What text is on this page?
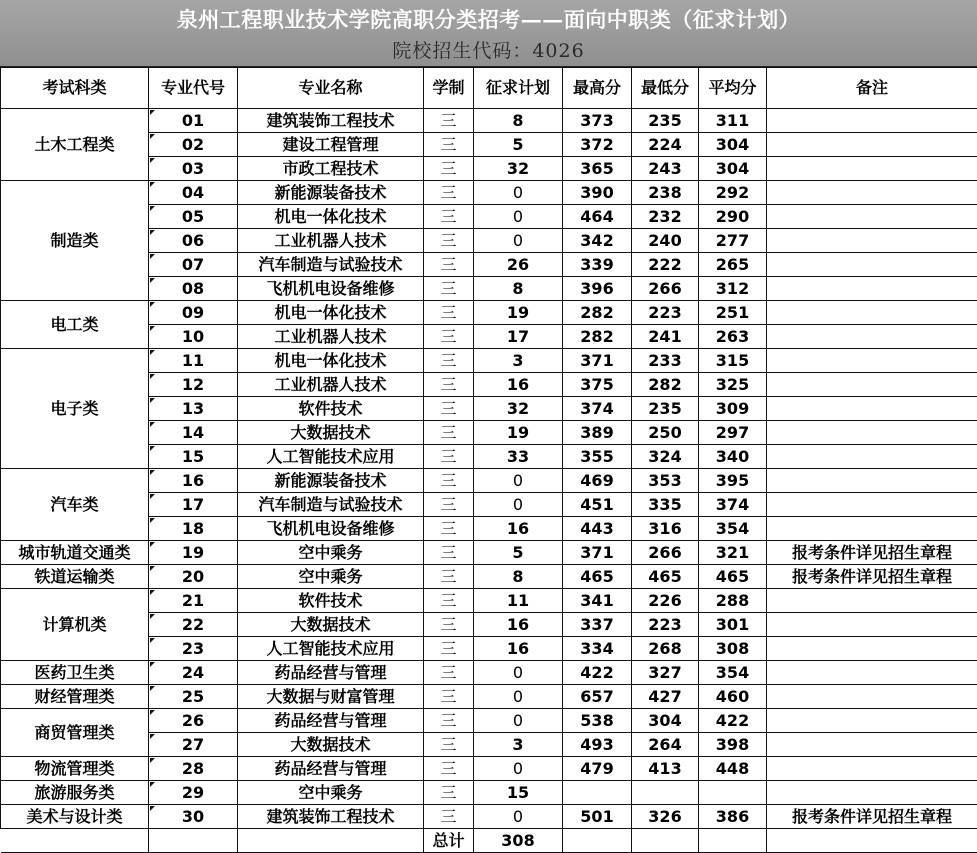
泉州工程职业技术学院高职分类招考——面向中职类（征求计划）
院校招生代码：4026
考试科类	专业代号	专业名称	学制	征求计划	最高分	最低分	平均分	备注
土木工程类	01	建筑装饰工程技术	三	8	373	235	311	

02	建设工程管理	三	5	372	224	304	

03	市政工程技术	三	32	365	243	304	
制造类	04	新能源装备技术	三	0	390	238	292	

05	机电一体化技术	三	0	464	232	290	

06	工业机器人技术	三	0	342	240	277	

07	汽车制造与试验技术	三	26	339	222	265	

08	飞机机电设备维修	三	8	396	266	312	
电工类	09	机电一体化技术	三	19	282	223	251	

10	工业机器人技术	三	17	282	241	263	
电子类	11	机电一体化技术	三	3	371	233	315	

12	工业机器人技术	三	16	375	282	325	

13	软件技术	三	32	374	235	309	

14	大数据技术	三	19	389	250	297	

15	人工智能技术应用	三	33	355	324	340	
汽车类	16	新能源装备技术	三	0	469	353	395	

17	汽车制造与试验技术	三	0	451	335	374	

18	飞机机电设备维修	三	16	443	316	354	
城市轨道交通类	19	空中乘务	三	5	371	266	321	报考条件详见招生章程
铁道运输类	20	空中乘务	三	8	465	465	465	报考条件详见招生章程
计算机类	21	软件技术	三	11	341	226	288	

22	大数据技术	三	16	337	223	301	

23	人工智能技术应用	三	16	334	268	308	
医药卫生类	24	药品经营与管理	三	0	422	327	354	
财经管理类	25	大数据与财富管理	三	0	657	427	460	
商贸管理类	26	药品经营与管理	三	0	538	304	422	

27	大数据技术	三	3	493	264	398	
物流管理类	28	药品经营与管理	三	0	479	413	448	
旅游服务类	29	空中乘务	三	15				
美术与设计类	30	建筑装饰工程技术	三	0	501	326	386	报考条件详见招生章程
			总计	308				
